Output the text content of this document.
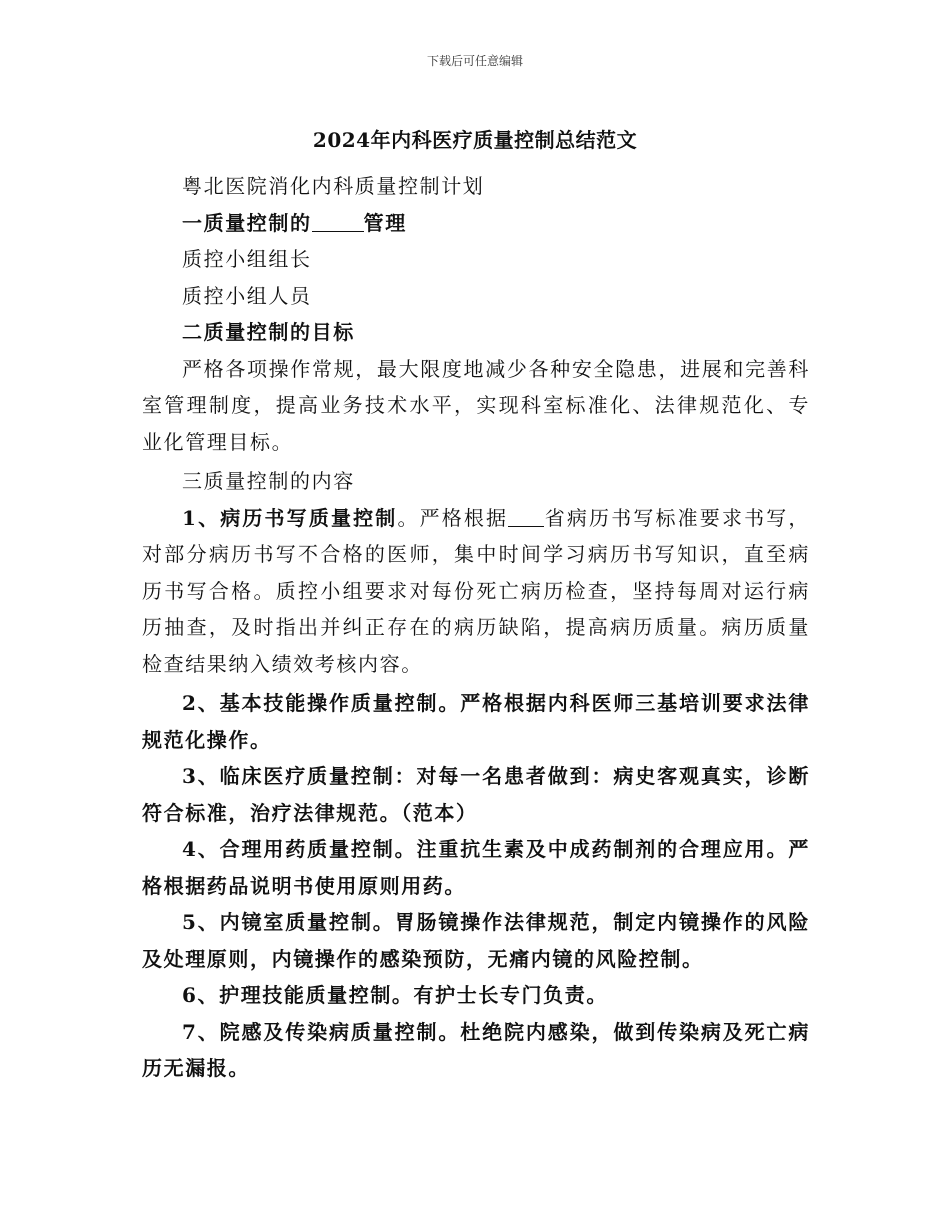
下载后可任意编辑
2024年内科医疗质量控制总结范文

粤北医院消化内科质量控制计划

一质量控制的	管理

质控小组组长

质控小组人员

二质量控制的目标

严格各项操作常规，最大限度地减少各种安全隐患，进展和完善科室管理制度，提高业务技术水平，实现科室标准化、法律规范化、专业化管理目标。

三质量控制的内容

1、病历书写质量控制。严格根据 省病历书写标准要求书写，对部分病历书写不合格的医师，集中时间学习病历书写知识，直至病历书写合格。质控小组要求对每份死亡病历检查，坚持每周对运行病历抽查，及时指出并纠正存在的病历缺陷，提高病历质量。病历质量检查结果纳入绩效考核内容。

2、基本技能操作质量控制。严格根据内科医师三基培训要求法律规范化操作。

3、临床医疗质量控制：对每一名患者做到：病史客观真实，诊断符合标准，治疗法律规范。（范本）

4、合理用药质量控制。注重抗生素及中成药制剂的合理应用。严格根据药品说明书使用原则用药。

5、内镜室质量控制。胃肠镜操作法律规范，制定内镜操作的风险及处理原则，内镜操作的感染预防，无痛内镜的风险控制。

6、护理技能质量控制。有护士长专门负责。

7、院感及传染病质量控制。杜绝院内感染，做到传染病及死亡病历无漏报。
